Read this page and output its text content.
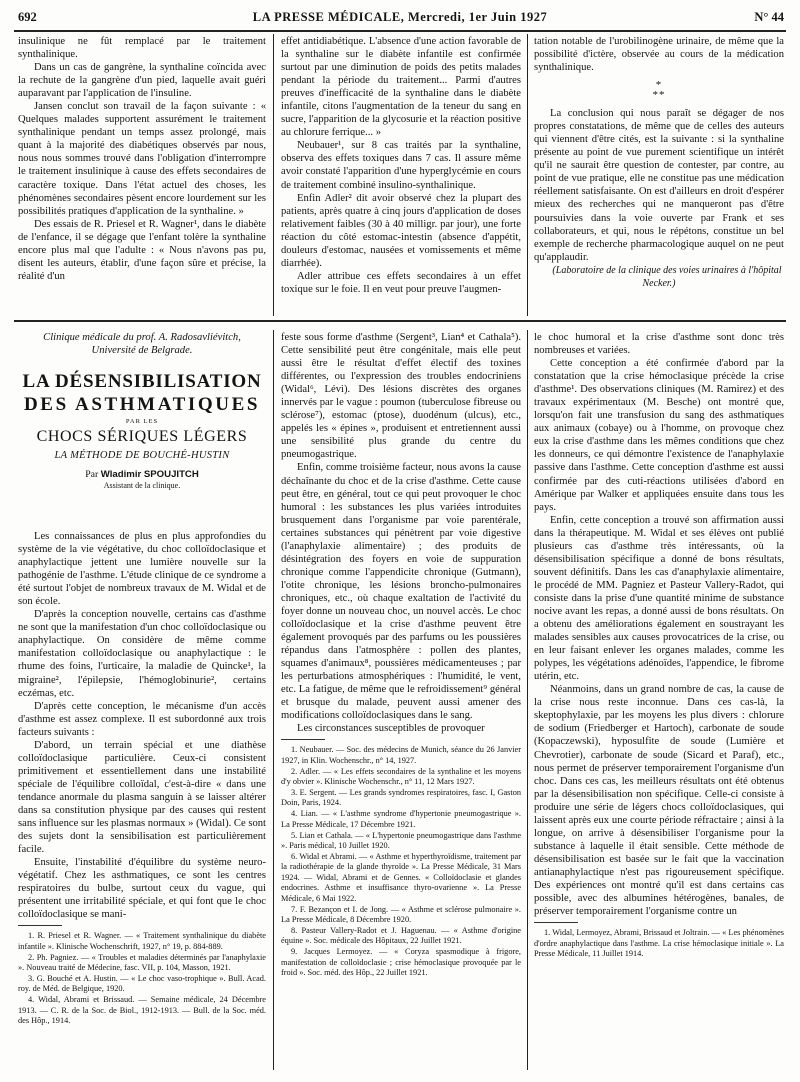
692	LA PRESSE MÉDICALE, Mercredi, 1er Juin 1927	N° 44

insulinique ne fût remplacé par le traitement synthalinique.

Dans un cas de gangrène, la synthaline coïncida avec la rechute de la gangrène d'un pied, laquelle avait guéri auparavant par l'application de l'insuline.

Jansen conclut son travail de la façon suivante : « Quelques malades supportent assurément le traitement synthalinique pendant un temps assez prolongé, mais quant à la majorité des diabétiques observés par nous, nous nous sommes trouvé dans l'obligation d'interrompre le traitement insulinique à cause des effets secondaires de caractère toxique. Dans l'état actuel des choses, les phénomènes secondaires pèsent encore lourdement sur les possibilités pratiques d'application de la synthaline. »

Des essais de R. Priesel et R. Wagner¹, dans le diabète de l'enfance, il se dégage que l'enfant tolère la synthaline encore plus mal que l'adulte : « Nous n'avons pas pu, disent les auteurs, établir, d'une façon sûre et précise, la réalité d'un

effet antidiabétique. L'absence d'une action favorable de la synthaline sur le diabète infantile est confirmée surtout par une diminution de poids des petits malades pendant la période du traitement... Parmi d'autres preuves d'inefficacité de la synthaline dans le diabète infantile, citons l'augmentation de la teneur du sang en sucre, l'apparition de la glycosurie et la réaction positive au chlorure ferrique... »

Neubauer¹, sur 8 cas traités par la synthaline, observa des effets toxiques dans 7 cas. Il assure même avoir constaté l'apparition d'une hyperglycémie en cours de traitement combiné insulino-synthalinique.

Enfin Adler² dit avoir observé chez la plupart des patients, après quatre à cinq jours d'application de doses relativement faibles (30 à 40 milligr. par jour), une forte réaction du côté estomac-intestin (absence d'appétit, douleurs d'estomac, nausées et vomissements et même diarrhée).

Adler attribue ces effets secondaires à un effet toxique sur le foie. Il en veut pour preuve l'augmen-

tation notable de l'urobilinogène urinaire, de même que la possibilité d'ictère, observée au cours de la médication synthalinique.

*
**

La conclusion qui nous paraît se dégager de nos propres constatations, de même que de celles des auteurs qui viennent d'être cités, est la suivante : si la synthaline présente au point de vue purement scientifique un intérêt qu'il ne saurait être question de contester, par contre, au point de vue pratique, elle ne constitue pas une médication réellement satisfaisante. On est d'ailleurs en droit d'espérer mieux des recherches qui ne manqueront pas d'être poursuivies dans la voie ouverte par Frank et ses collaborateurs, et qui, nous le répétons, constitue un bel exemple de recherche pharmacologique auquel on ne peut qu'applaudir.

(Laboratoire de la clinique des voies urinaires à l'hôpital Necker.)

Clinique médicale du prof. A. Radosavliévitch,
Université de Belgrade.
LA DÉSENSIBILISATION
DES ASTHMATIQUES
PAR LES
CHOCS SÉRIQUES LÉGERS
LA MÉTHODE DE BOUCHÉ-HUSTIN
Par Wladimir SPOUJITCH
Assistant de la clinique.

Les connaissances de plus en plus approfondies du système de la vie végétative, du choc colloïdoclasique et anaphylactique jettent une lumière nouvelle sur la pathogénie de l'asthme. L'étude clinique de ce syndrome a été surtout l'objet de nombreux travaux de M. Widal et de son école.

D'après la conception nouvelle, certains cas d'asthme ne sont que la manifestation d'un choc colloïdoclasique ou anaphylactique. On considère de même comme manifestation colloïdoclasique ou anaphylactique : le rhume des foins, l'urticaire, la maladie de Quincke¹, la migraine², l'épilepsie, l'hémoglobinurie², certains eczémas, etc.

D'après cette conception, le mécanisme d'un accès d'asthme est assez complexe. Il est subordonné aux trois facteurs suivants :

D'abord, un terrain spécial et une diathèse colloïdoclasique particulière. Ceux-ci consistent primitivement et essentiellement dans une instabilité spéciale de l'équilibre colloïdal, c'est-à-dire « dans une tendance anormale du plasma sanguin à se laisser altérer dans sa constitution physique par des causes qui restent sans influence sur les plasmas normaux » (Widal). Ce sont des sujets dont la sensibilisation est particulièrement facile.

Ensuite, l'instabilité d'équilibre du système neuro-végétatif. Chez les asthmatiques, ce sont les centres respiratoires du bulbe, surtout ceux du vague, qui présentent une irritabilité spéciale, et qui font que le choc colloïdoclasique se mani-

1. R. Priesel et R. Wagner. — « Traitement synthalinique du diabète infantile ». Klinische Wochenschrift, 1927, n° 19, p. 884-889.

2. Ph. Pagniez. — « Troubles et maladies déterminés par l'anaphylaxie ». Nouveau traité de Médecine, fasc. VII, p. 104, Masson, 1921.

3. G. Bouché et A. Hustin. — « Le choc vaso-trophique ». Bull. Acad. roy. de Méd. de Belgique, 1920.

4. Widal, Abrami et Brissaud. — Semaine médicale, 24 Décembre 1913. — C. R. de la Soc. de Biol., 1912-1913. — Bull. de la Soc. méd. des Hôp., 1914.

feste sous forme d'asthme (Sergent³, Lian⁴ et Cathala⁵). Cette sensibilité peut être congénitale, mais elle peut aussi être le résultat d'effet électif des toxines différentes, ou l'expression des troubles endocriniens (Widal⁶, Lévi). Des lésions discrètes des organes innervés par le vague : poumon (tuberculose fibreuse ou sclérose⁷), estomac (ptose), duodénum (ulcus), etc., appelés les « épines », produisent et entretiennent aussi une sensibilité plus grande du centre du pneumogastrique.

Enfin, comme troisième facteur, nous avons la cause déchaînante du choc et de la crise d'asthme. Cette cause peut être, en général, tout ce qui peut provoquer le choc humoral : les substances les plus variées introduites brusquement dans l'organisme par voie parentérale, certaines substances qui pénètrent par voie digestive (l'anaphylaxie alimentaire) ; des produits de désintégration des foyers en voie de suppuration chronique comme l'appendicite chronique (Gutmann), l'otite chronique, les lésions broncho-pulmonaires chroniques, etc., où chaque exaltation de l'activité du foyer donne un nouveau choc, un nouvel accès. Le choc colloïdoclasique et la crise d'asthme peuvent être également provoqués par des parfums ou les poussières répandus dans l'atmosphère : pollen des plantes, squames d'animaux⁸, poussières médicamenteuses ; par les perturbations atmosphériques : l'humidité, le vent, etc. La fatigue, de même que le refroidissement⁹ général et brusque du malade, peuvent aussi amener des modifications colloïdoclasiques dans le sang.

Les circonstances susceptibles de provoquer

1. Neubauer. — Soc. des médecins de Munich, séance du 26 Janvier 1927, in Klin. Wochenschr., n° 14, 1927.

2. Adler. — « Les effets secondaires de la synthaline et les moyens d'y obvier ». Klinische Wochenschr., n° 11, 12 Mars 1927.

3. E. Sergent. — Les grands syndromes respiratoires, fasc. I, Gaston Doin, Paris, 1924.

4. Lian. — « L'asthme syndrome d'hypertonie pneumogastrique ». La Presse Médicale, 17 Décembre 1921.

5. Lian et Cathala. — « L'hypertonie pneumogastrique dans l'asthme ». Paris médical, 10 Juillet 1920.

6. Widal et Abrami. — « Asthme et hyperthyroïdisme, traitement par la radiothérapie de la glande thyroïde ». La Presse Médicale, 31 Mars 1924. — Widal, Abrami et de Gennes. « Colloïdoclasie et glandes endocrines. Asthme et insuffisance thyro-ovarienne ». La Presse Médicale, 6 Mai 1922.

7. F. Bezançon et I. de Jong. — « Asthme et sclérose pulmonaire ». La Presse Médicale, 8 Décembre 1920.

8. Pasteur Vallery-Radot et J. Haguenau. — « Asthme d'origine équine ». Soc. médicale des Hôpitaux, 22 Juillet 1921.

9. Jacques Lermoyez. — « Coryza spasmodique à frigore, manifestation de colloïdoclasie ; crise hémoclasique provoquée par le froid ». Soc. méd. des Hôp., 22 Juillet 1921.

le choc humoral et la crise d'asthme sont donc très nombreuses et variées.

Cette conception a été confirmée d'abord par la constatation que la crise hémoclasique précède la crise d'asthme¹. Des observations cliniques (M. Ramirez) et des travaux expérimentaux (M. Besche) ont montré que, lorsqu'on fait une transfusion du sang des asthmatiques aux animaux (cobaye) ou à l'homme, on provoque chez eux la crise d'asthme dans les mêmes conditions que chez les donneurs, ce qui démontre l'existence de l'anaphylaxie passive dans l'asthme. Cette conception d'asthme est aussi confirmée par des cuti-réactions utilisées d'abord en Amérique par Walker et appliquées ensuite dans tous les pays.

Enfin, cette conception a trouvé son affirmation aussi dans la thérapeutique. M. Widal et ses élèves ont publié plusieurs cas d'asthme très intéressants, où la désensibilisation spécifique a donné de bons résultats, souvent définitifs. Dans les cas d'anaphylaxie alimentaire, le procédé de MM. Pagniez et Pasteur Vallery-Radot, qui consiste dans la prise d'une quantité minime de substance nocive avant les repas, a donné aussi de bons résultats. On a obtenu des améliorations également en soustrayant les malades sensibles aux causes provocatrices de la crise, ou en leur faisant enlever les organes malades, comme les polypes, les végétations adénoïdes, l'appendice, le fibrome utérin, etc.

Néanmoins, dans un grand nombre de cas, la cause de la crise nous reste inconnue. Dans ces cas-là, la skeptophylaxie, par les moyens les plus divers : chlorure de sodium (Friedberger et Hartoch), carbonate de soude (Kopaczewski), hyposulfite de soude (Lumière et Chevrotier), carbonate de soude (Sicard et Paraf), etc., nous permet de préserver temporairement l'organisme d'un choc. Dans ces cas, les meilleurs résultats ont été obtenus par la désensibilisation non spécifique. Celle-ci consiste à produire une série de légers chocs colloïdoclasiques, qui laissent après eux une courte période réfractaire ; ainsi à la longue, on arrive à désensibiliser l'organisme pour la substance à laquelle il était sensible. Cette méthode de désensibilisation est basée sur le fait que la vaccination antianaphylactique n'est pas rigoureusement spécifique. Des expériences ont montré qu'il est dans certains cas possible, avec des albumines hétérogènes, banales, de préserver temporairement l'organisme contre un

1. Widal, Lermoyez, Abrami, Brissaud et Joltrain. — « Les phénomènes d'ordre anaphylactique dans l'asthme. La crise hémoclasique initiale ». La Presse Médicale, 11 Juillet 1914.
